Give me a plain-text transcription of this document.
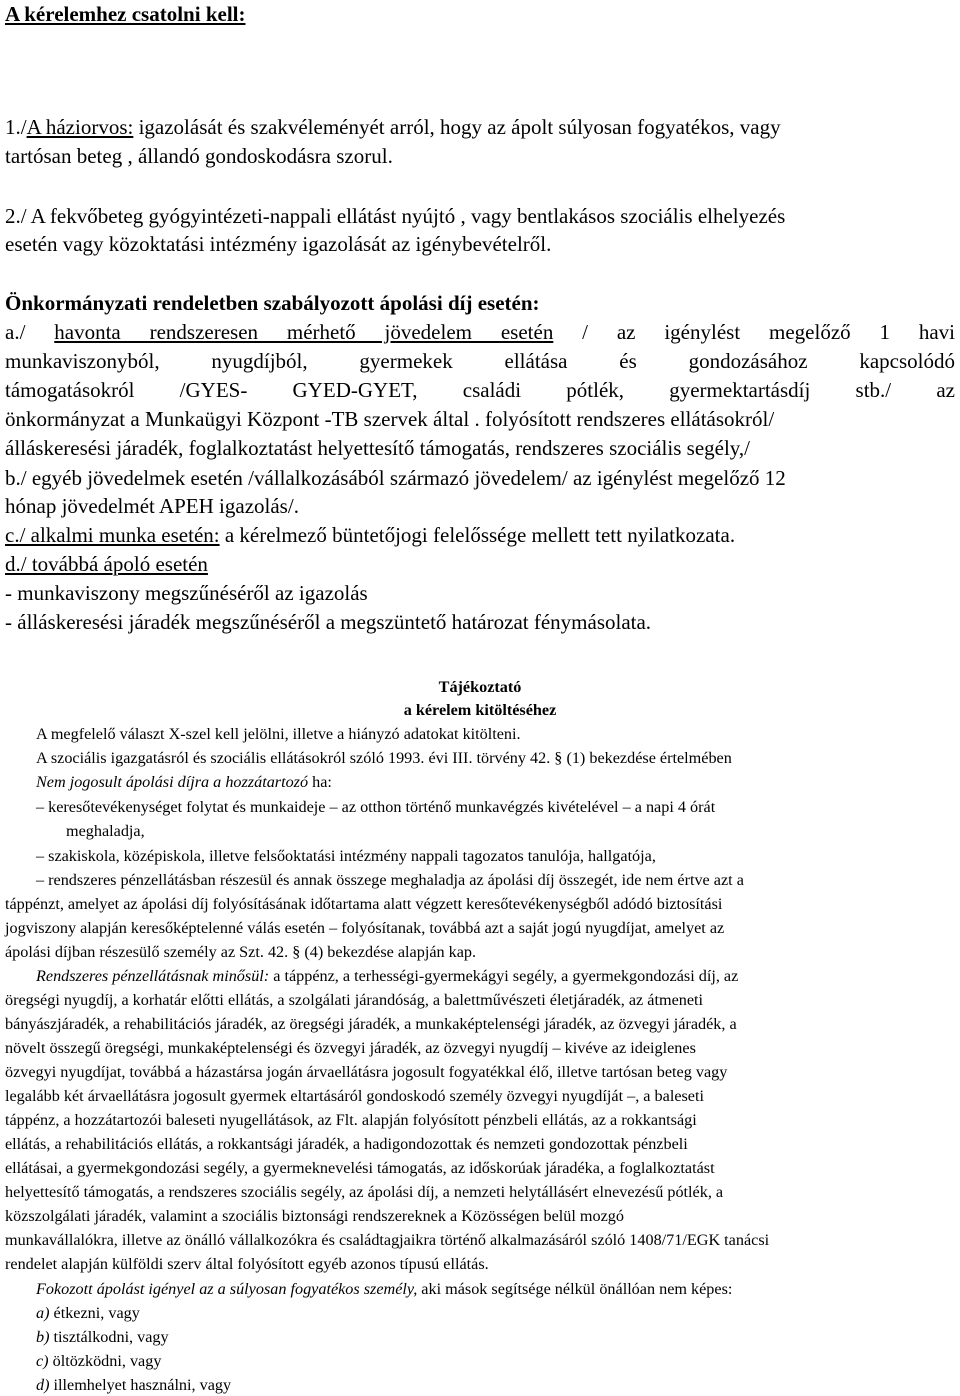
A kérelemhez csatolni kell:
1./A háziorvos: igazolását és szakvéleményét arról, hogy az ápolt súlyosan fogyatékos, vagy
tartósan beteg , állandó gondoskodásra szorul.
2./ A fekvőbeteg gyógyintézeti-nappali ellátást nyújtó , vagy bentlakásos szociális elhelyezés
esetén vagy közoktatási intézmény igazolását az igénybevételről.
Önkormányzati rendeletben szabályozott ápolási díj esetén:
a./ havonta rendszeresen mérhető jövedelem esetén / az igénylést megelőző 1 havi
munkaviszonyból, nyugdíjból, gyermekek ellátása és gondozásához kapcsolódó
támogatásokról /GYES- GYED-GYET, családi pótlék, gyermektartásdíj stb./ az
önkormányzat a Munkaügyi Központ -TB szervek által . folyósított rendszeres ellátásokról/
álláskeresési járadék, foglalkoztatást helyettesítő támogatás, rendszeres szociális segély,/
b./ egyéb jövedelmek esetén /vállalkozásából származó jövedelem/ az igénylést megelőző 12
hónap jövedelmét APEH igazolás/.
c./ alkalmi munka esetén: a kérelmező büntetőjogi felelőssége mellett tett nyilatkozata.
d./ továbbá ápoló esetén
- munkaviszony megszűnéséről az igazolás
- álláskeresési járadék megszűnéséről a megszüntető határozat fénymásolata.
Tájékoztató
a kérelem kitöltéséhez
A megfelelő választ X-szel kell jelölni, illetve a hiányzó adatokat kitölteni.
A szociális igazgatásról és szociális ellátásokról szóló 1993. évi III. törvény 42. § (1) bekezdése értelmében
Nem jogosult ápolási díjra a hozzátartozó ha:
– keresőtevékenységet folytat és munkaideje – az otthon történő munkavégzés kivételével – a napi 4 órát
meghaladja,
– szakiskola, középiskola, illetve felsőoktatási intézmény nappali tagozatos tanulója, hallgatója,
– rendszeres pénzellátásban részesül és annak összege meghaladja az ápolási díj összegét, ide nem értve azt a
táppénzt, amelyet az ápolási díj folyósításának időtartama alatt végzett keresőtevékenységből adódó biztosítási
jogviszony alapján keresőképtelenné válás esetén – folyósítanak, továbbá azt a saját jogú nyugdíjat, amelyet az
ápolási díjban részesülő személy az Szt. 42. § (4) bekezdése alapján kap.
Rendszeres pénzellátásnak minősül: a táppénz, a terhességi-gyermekágyi segély, a gyermekgondozási díj, az
öregségi nyugdíj, a korhatár előtti ellátás, a szolgálati járandóság, a balettművészeti életjáradék, az átmeneti
bányászjáradék, a rehabilitációs járadék, az öregségi járadék, a munkaképtelenségi járadék, az özvegyi járadék, a
növelt összegű öregségi, munkaképtelenségi és özvegyi járadék, az özvegyi nyugdíj – kivéve az ideiglenes
özvegyi nyugdíjat, továbbá a házastársa jogán árvaellátásra jogosult fogyatékkal élő, illetve tartósan beteg vagy
legalább két árvaellátásra jogosult gyermek eltartásáról gondoskodó személy özvegyi nyugdíját –, a baleseti
táppénz, a hozzátartozói baleseti nyugellátások, az Flt. alapján folyósított pénzbeli ellátás, az a rokkantsági
ellátás, a rehabilitációs ellátás, a rokkantsági járadék, a hadigondozottak és nemzeti gondozottak pénzbeli
ellátásai, a gyermekgondozási segély, a gyermeknevelési támogatás, az időskorúak járadéka, a foglalkoztatást
helyettesítő támogatás, a rendszeres szociális segély, az ápolási díj, a nemzeti helytállásért elnevezésű pótlék, a
közszolgálati járadék, valamint a szociális biztonsági rendszereknek a Közösségen belül mozgó
munkavállalókra, illetve az önálló vállalkozókra és családtagjaikra történő alkalmazásáról szóló 1408/71/EGK tanácsi
rendelet alapján külföldi szerv által folyósított egyéb azonos típusú ellátás.
Fokozott ápolást igényel az a súlyosan fogyatékos személy, aki mások segítsége nélkül önállóan nem képes:
a) étkezni, vagy
b) tisztálkodni, vagy
c) öltözködni, vagy
d) illemhelyet használni, vagy
